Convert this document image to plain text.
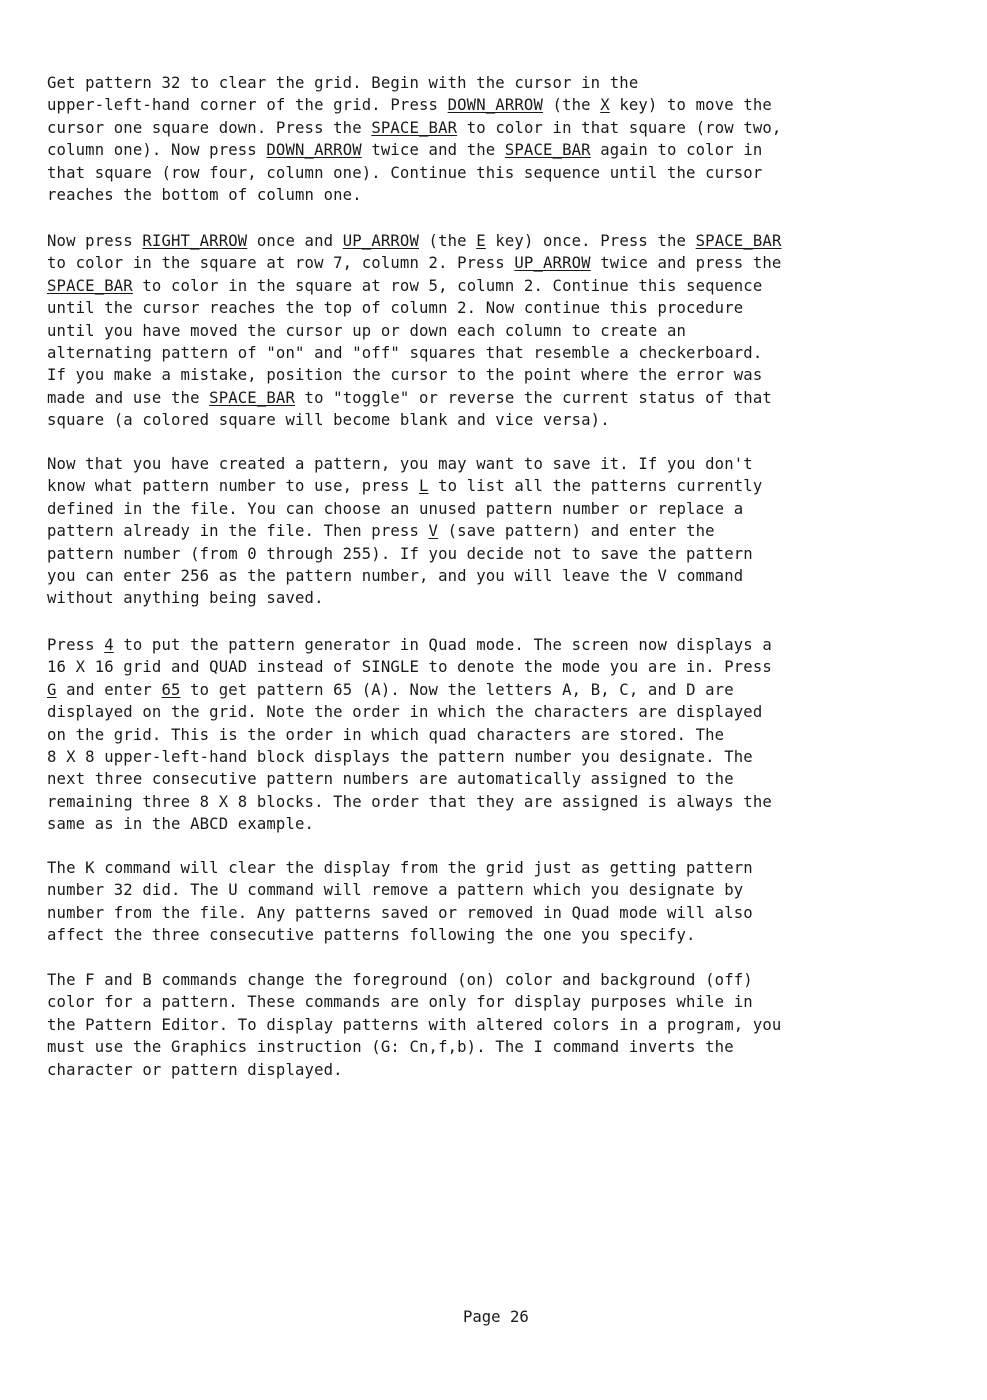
Get pattern 32 to clear the grid. Begin with the cursor in the
upper-left-hand corner of the grid. Press DOWN_ARROW (the X key) to move the
cursor one square down. Press the SPACE_BAR to color in that square (row two,
column one). Now press DOWN_ARROW twice and the SPACE_BAR again to color in
that square (row four, column one). Continue this sequence until the cursor
reaches the bottom of column one.
Now press RIGHT_ARROW once and UP_ARROW (the E key) once. Press the SPACE_BAR
to color in the square at row 7, column 2. Press UP_ARROW twice and press the
SPACE_BAR to color in the square at row 5, column 2. Continue this sequence
until the cursor reaches the top of column 2. Now continue this procedure
until you have moved the cursor up or down each column to create an
alternating pattern of "on" and "off" squares that resemble a checkerboard.
If you make a mistake, position the cursor to the point where the error was
made and use the SPACE_BAR to "toggle" or reverse the current status of that
square (a colored square will become blank and vice versa).
Now that you have created a pattern, you may want to save it. If you don't
know what pattern number to use, press L to list all the patterns currently
defined in the file. You can choose an unused pattern number or replace a
pattern already in the file. Then press V (save pattern) and enter the
pattern number (from 0 through 255). If you decide not to save the pattern
you can enter 256 as the pattern number, and you will leave the V command
without anything being saved.
Press 4 to put the pattern generator in Quad mode. The screen now displays a
16 X 16 grid and QUAD instead of SINGLE to denote the mode you are in. Press
G and enter 65 to get pattern 65 (A). Now the letters A, B, C, and D are
displayed on the grid. Note the order in which the characters are displayed
on the grid. This is the order in which quad characters are stored. The
8 X 8 upper-left-hand block displays the pattern number you designate. The
next three consecutive pattern numbers are automatically assigned to the
remaining three 8 X 8 blocks. The order that they are assigned is always the
same as in the ABCD example.
The K command will clear the display from the grid just as getting pattern
number 32 did. The U command will remove a pattern which you designate by
number from the file. Any patterns saved or removed in Quad mode will also
affect the three consecutive patterns following the one you specify.
The F and B commands change the foreground (on) color and background (off)
color for a pattern. These commands are only for display purposes while in
the Pattern Editor. To display patterns with altered colors in a program, you
must use the Graphics instruction (G: Cn,f,b). The I command inverts the
character or pattern displayed.
Page 26
